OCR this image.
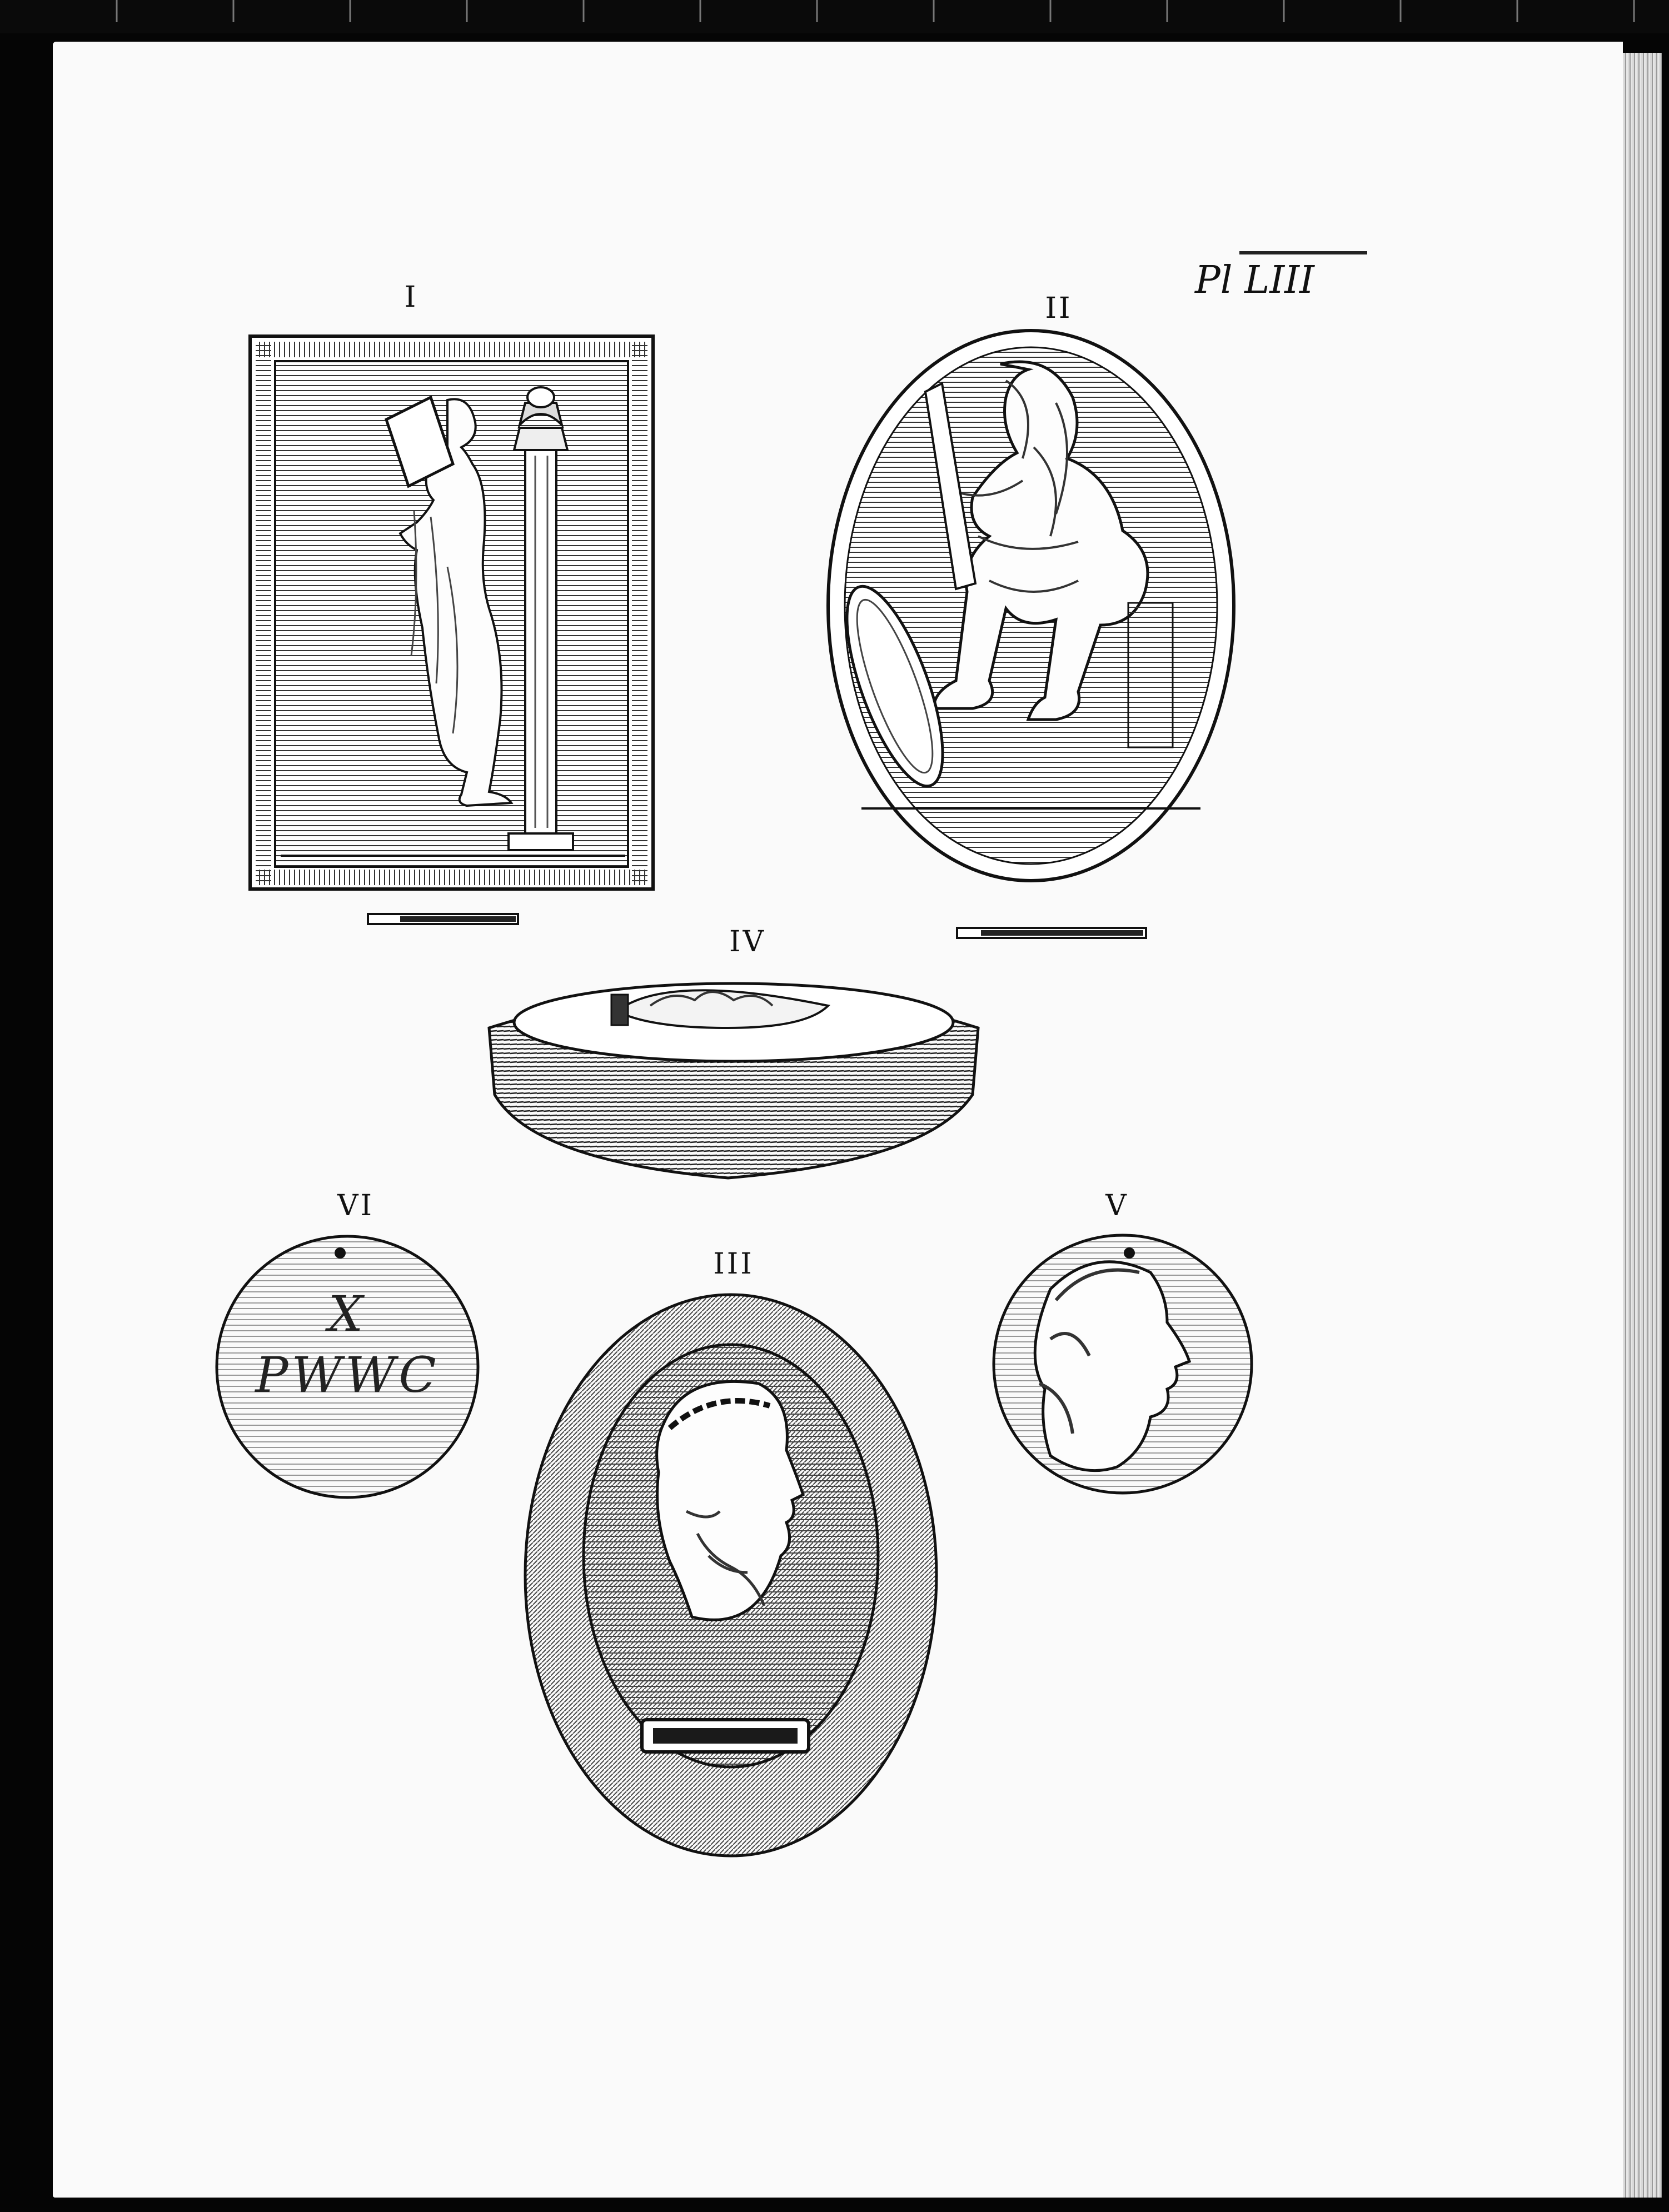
Pl LIII
I	II
IV
VI
III
V
X PWWC
